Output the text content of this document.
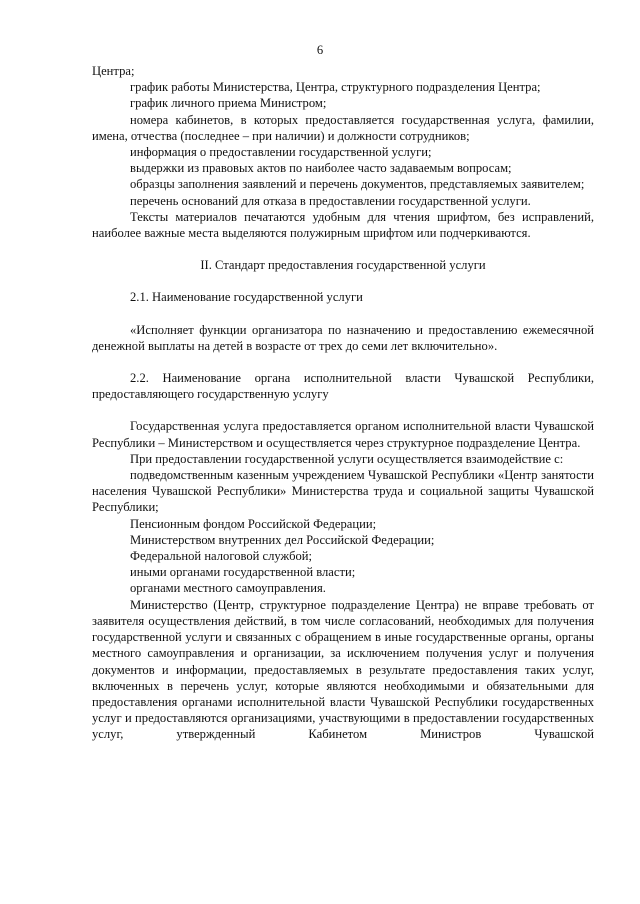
6

Центра;

график работы Министерства, Центра, структурного подразделения Центра;

график личного приема Министром;

номера кабинетов, в которых предоставляется государственная услуга, фамилии, имена, отчества (последнее – при наличии) и должности сотрудников;

информация о предоставлении государственной услуги;

выдержки из правовых актов по наиболее часто задаваемым вопросам;

образцы заполнения заявлений и перечень документов, представляемых заявителем;

перечень оснований для отказа в предоставлении государственной услуги.

Тексты материалов печатаются удобным для чтения шрифтом, без исправлений, наиболее важные места выделяются полужирным шрифтом или подчеркиваются.

II. Стандарт предоставления государственной услуги

2.1. Наименование государственной услуги

«Исполняет функции организатора по назначению и предоставлению ежемесячной денежной выплаты на детей в возрасте от трех до семи лет включительно».

2.2. Наименование органа исполнительной власти Чувашской Республики, предоставляющего государственную услугу

Государственная услуга предоставляется органом исполнительной власти Чувашской Республики – Министерством и осуществляется через структурное подразделение Центра.

При предоставлении государственной услуги осуществляется взаимодействие с:

подведомственным казенным учреждением Чувашской Республики «Центр занятости населения Чувашской Республики» Министерства труда и социальной защиты Чувашской Республики;

Пенсионным фондом Российской Федерации;

Министерством внутренних дел Российской Федерации;

Федеральной налоговой службой;

иными органами государственной власти;

органами местного самоуправления.

Министерство (Центр, структурное подразделение Центра) не вправе требовать от заявителя осуществления действий, в том числе согласований, необходимых для получения государственной услуги и связанных с обращением в иные государственные органы, органы местного самоуправления и организации, за исключением получения услуг и получения документов и информации, предоставляемых в результате предоставления таких услуг, включенных в перечень услуг, которые являются необходимыми и обязательными для предоставления органами исполнительной власти Чувашской Республики государственных услуг и предоставляются организациями, участвующими в предоставлении государственных услуг, утвержденный Кабинетом Министров Чувашской
